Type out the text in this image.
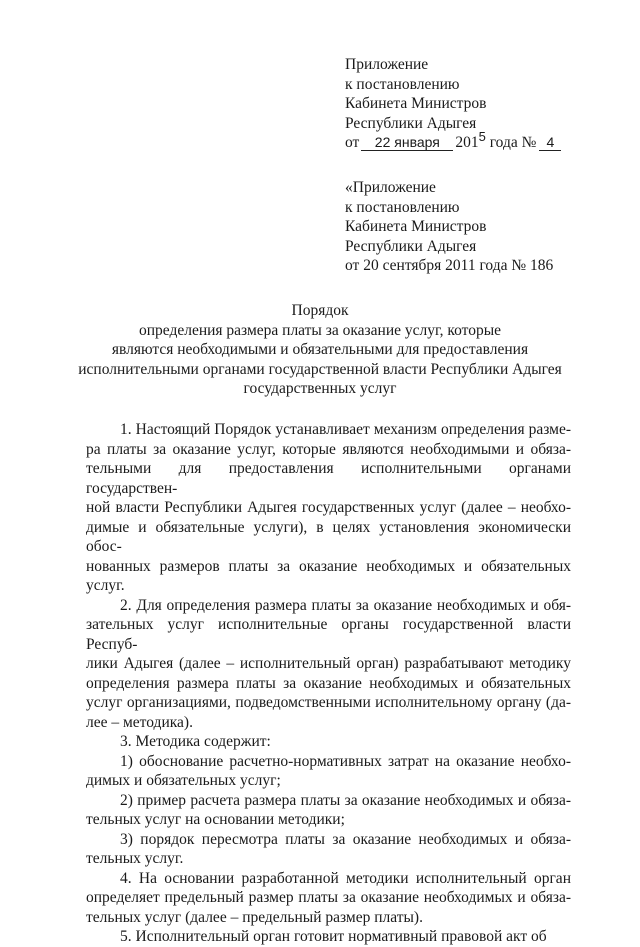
Приложение
к постановлению
Кабинета Министров
Республики Адыгея
от 22 января $201^5$ года № 4
«Приложение
к постановлению
Кабинета Министров
Республики Адыгея
от 20 сентября 2011 года № 186
Порядок
определения размера платы за оказание услуг, которые
являются необходимыми и обязательными для предоставления
исполнительными органами государственной власти Республики Адыгея
государственных услуг
1. Настоящий Порядок устанавливает механизм определения разме-
ра платы за оказание услуг, которые являются необходимыми и обяза-
тельными для предоставления исполнительными органами государствен-
ной власти Республики Адыгея государственных услуг (далее – необхо-
димые и обязательные услуги), в целях установления экономически обос-
нованных размеров платы за оказание необходимых и обязательных
услуг.
2. Для определения размера платы за оказание необходимых и обя-
зательных услуг исполнительные органы государственной власти Респуб-
лики Адыгея (далее – исполнительный орган) разрабатывают методику
определения размера платы за оказание необходимых и обязательных
услуг организациями, подведомственными исполнительному органу (да-
лее – методика).
3. Методика содержит:
1) обоснование расчетно-нормативных затрат на оказание необхо-
димых и обязательных услуг;
2) пример расчета размера платы за оказание необходимых и обяза-
тельных услуг на основании методики;
3) порядок пересмотра платы за оказание необходимых и обяза-
тельных услуг.
4. На основании разработанной методики исполнительный орган
определяет предельный размер платы за оказание необходимых и обяза-
тельных услуг (далее – предельный размер платы).
5. Исполнительный орган готовит нормативный правовой акт об
